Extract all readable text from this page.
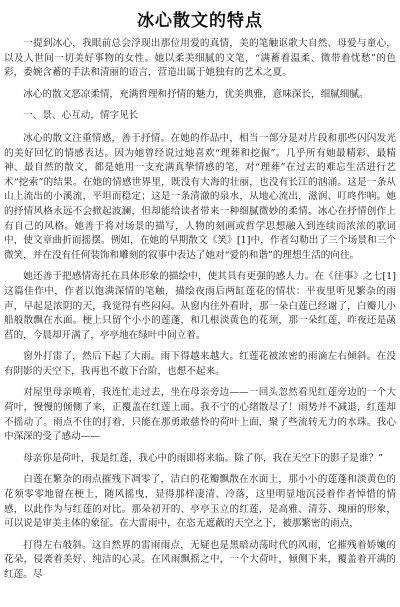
冰心散文的特点

一提到冰心，我眼前总会浮现出那位用爱的真情，美的笔触讴歌大自然、母爱与童心，以及人世间一切美好事物的女性。她以柔美细腻的文笔，“满蓄着温柔、微带着忧愁”的色彩，委婉含蓄的手法和清丽的语言，营造出属于她独有的艺术之夏。

冰心的散文恶凉柔情，充满哲理和抒情的魅力，优美典雅，意味深长，细腻细腻。

一、景、心互动，情字见长

冰心的散文注重情感，善于抒情。在她的作品中，相当一部分是对片段和那些闪闪发光的美好回忆的情感表达。因为她曾经说过她喜欢“理葬和挖掘”。几乎所有她最精彩、最精神、最自然的散文，都是她用一支充满真挚情感的笔，对“理葬”在过去的难忘生活进行艺术“挖索”的结果。在她的情感世界里，既没有大海的壮丽，也没有长江的汹涌。这是一条从山上流出的小溪流，平坦而稳定；这是一条清澈的泉水，从地心流出，滋润、叮咚作响。她的抒情风格永远不会掀起波澜，但却能给读者带来一种细腻微妙的柔情。冰心在抒情创作上有自己的风格。她善于将对场景的描写，人物的刻画或哲学思想融入到连续而浓浓的歌词中，使文章曲折而摇摆。例如，在她的早期散文《笑》[1]中，作者勾勒出了三个场景和三个微笑，并在没有任何装饰和雕刻的叙事中表达了她对“爱的和谐”的理想生活的向往。

她还善于把感情寄托在具体形象的描绘中，使其具有更强的感人力。在《往事》之七[1]这篇佳作中，作者以饱满深情的笔触，描绘夜雨后两缸莲花的情状：平夜里听见繁杂的雨声，早起是浓阴的天，我觉得有些闷闷。从窗内往外看时，那一朵白莲已经谢了，白瓣儿小船般散飘在水面。梗上只留个小小的莲蓬，和几根淡黄色的花须，那一朵红莲，昨夜还是菡萏的，今晨却开满了，亭亭地在绿叶中间立着。

窗外打雷了，然后下起了大雨。雨下得越来越大。红莲花被浓密的雨滴左右倾斜。在没有阴影的天空下，我再也不敢下台阶，也想不起来。

对屋里母亲唤着，我连忙走过去，坐在母亲旁边——一回头忽然看见红莲旁边的一个大荷叶，慢慢的倾侧了来，正覆盖在红莲上面。我不宁的心绪散尽了！雨势并不减退，红莲却不摇动了。雨点不住的打着，只能在那勇敢慈怜的荷叶上面，聚了些流转无力的水珠。我心中深深的受了感动——

母亲你是荷叶，我是红莲，我心中的雨即将来临。除了你，我在天空下的影子是谁？”

白莲在繁杂的雨点摧残下凋零了，洁白的花瓣飘散在水面上，那小小的莲蓬和淡黄色的花须零零地留在梗上，随风摇曳，显得那样凄清、冷落，这里明显地沉浸着作者悼惜的情感，以此作为与红莲的对比。那朵初开的、亭亭玉立的红莲，是高雅、清芬、瑰丽的形象，可以说是审美主体的象征。在大雷雨中，在恣无遮蔽的天空之下，被那繁密的雨点，

打得左右攲斜。这自然界的雷雨雨点，无疑也是黑暗动荡时代的风雨，它摧残着娇嫩的花朵，侵袭着美好、纯洁的心灵。在风雨飘摇之中，一个大荷叶，倾侧下来，覆盖着开满的红莲。尽
